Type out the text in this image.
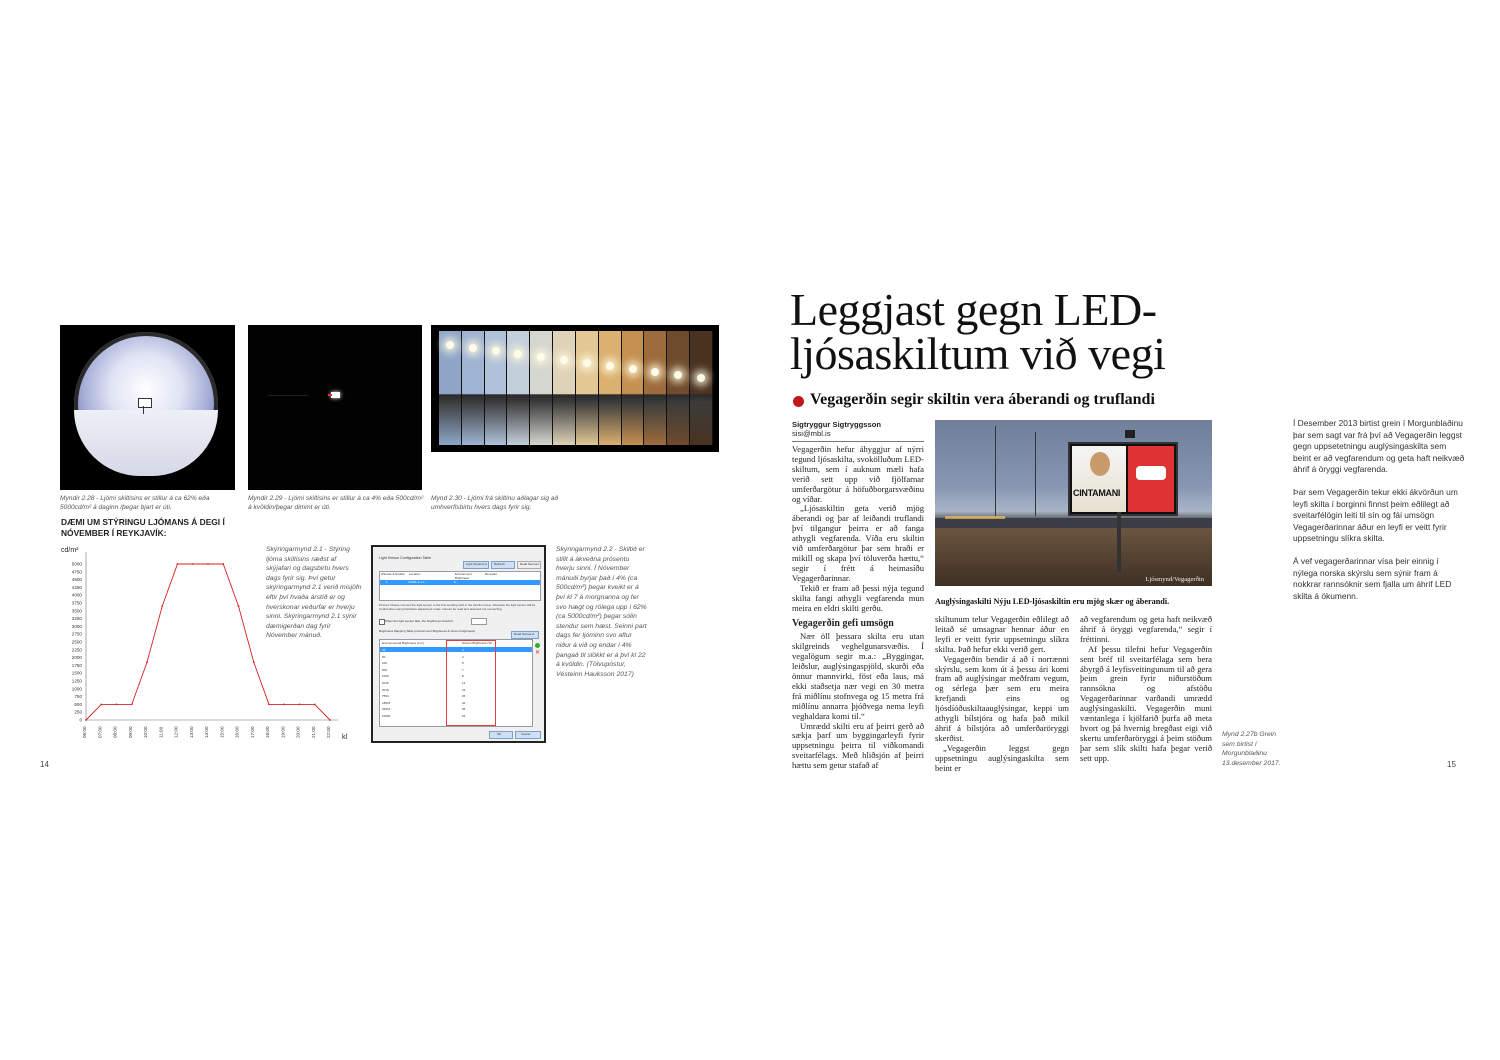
Myndir 2.28 - Ljómi skiltisins er stillur á ca 62% eða 5000cd/m² á daginn /þegar bjart er úti.
Myndir 2.29 - Ljómi skiltisins er stillur á ca 4% eða 500cd/m² á kvöldin/þegar dimmt er úti.
Mynd 2.30 - Ljómi frá skiltinu aðlagar sig að umhverfisbirtu hvers dags fyrir sig.
DÆMI UM STÝRINGU LJÓMANS Á DEGI Í NÓVEMBER Í REYKJAVÍK:
cd/m²
kl
0
250
500
750
1000
1250
1500
1750
2000
2250
2500
2750
3000
3250
3500
3750
4000
4250
4500
4750
5000
06:00 07:00 08:00 09:00 10:00 11:00 12:00 13:00 14:00 15:00 16:00 17:00 18:00 19:00 20:00 21:00 22:00
Skýringarmynd 2.1 - Stýring ljóma skiltisins ræðst af skýjafari og dagsbirtu hvers dags fyrir sig. Því getur skýringarmynd 2.1 verið misjöfn eftir því hvaða árstíð er og hverskonar veðurfar er hverju sinni. Skýringarmynd 2.1 sýnir dæmigerðan dag fyrir Nóvember mánuð.
Light Sensor Configuration Table
Light Sensors A	Refresh	Read Sensors
Window & Enable	Location	Environment Brightness
Remarks
1	COM1-1-1-1	0
Prompt: Please connect the light sensor to the first sending card in the function area; otherwise the light sensor will be invalid when using hardware adjustment mode. Cannot be read and detected not connecting.
When the light sensor fails, the brightness should b
Brightness Mapping Table (environment Brightness & screen brightness)
Read Sensor A
Environmental Brightness (Lux)	Screen Brightness (%)
10	4
50	4
100	8
500	7
1000	8
2015	14
2015	24
7554	26
18615	42
32616	56
10000	62
✕
OK	Cancel
Skýringarmynd 2.2 - Skiltið er stillt á ákveðna prósentu hverju sinni. Í Nóvember mánuði byrjar það í 4% (ca 500cd/m²) þegar kveikt er á því kl 7 á morgnanna og fer svo hægt og rólega upp í 62% (ca 5000cd/m²) þegar sólin stendur sem hæst. Seinni part dags fer ljóminn svo aftur niður á við og endar í 4% þangað til slökkt er á því kl 22 á kvöldin. (Tölvupóstur, Vésteinn Hauksson 2017)
14
Leggjast gegn LED-
ljósaskiltum við vegi
Vegagerðin segir skiltin vera áberandi og truflandi
Sigtryggur Sigtryggsson
sisi@mbl.is
Vegagerðin hefur áhyggjur af nýrri tegund ljósaskilta, svokölluðum LED-skiltum, sem í auknum mæli hafa verið sett upp við fjölfarnar umferðargötur á höfuðborgarsvæðinu og víðar.
„Ljósaskiltin geta verið mjög áberandi og þar af leiðandi truflandi því tilgangur þeirra er að fanga athygli vegfarenda. Víða eru skiltin við umferðargötur þar sem hraði er mikill og skapa því töluverða hættu,“ segir í frétt á heimasíðu Vegagerðarinnar.
Tekið er fram að þessi nýja tegund skilta fangi athygli vegfarenda mun meira en eldri skilti gerðu.
Vegagerðin gefi umsögn
Nær öll þessara skilta eru utan skilgreinds veghelgunarsvæðis. Í vegalögum segir m.a.: „Byggingar, leiðslur, auglýsingaspjöld, skurði eða önnur mannvirki, föst eða laus, má ekki staðsetja nær vegi en 30 metra frá miðlínu stofnvega og 15 metra frá miðlínu annarra þjóðvega nema leyfi veghaldara komi til.“
Umrædd skilti eru af þeirri gerð að sækja þarf um byggingarleyfi fyrir uppsetningu þeirra til viðkomandi sveitarfélags. Með hliðsjón af þeirri hættu sem getur stafað af
CINTAMANI
Ljósmynd/Vegagerðin
Auglýsingaskilti Nýju LED-ljósaskiltin eru mjög skær og áberandi.
skiltunum telur Vegagerðin eðlilegt að leitað sé umsagnar hennar áður en leyfi er veitt fyrir uppsetningu slíkra skilta. Það hefur ekki verið gert.
Vegagerðin bendir á að í norrænni skýrslu, sem kom út á þessu ári komi fram að auglýsingar meðfram vegum, og sérlega þær sem eru meira krefjandi eins og ljósdíóðuskiltaauglýsingar, keppi um athygli bílstjóra og hafa það mikil áhrif á bílstjóra að umferðaröryggi skerðist.
„Vegagerðin leggst gegn uppsetningu auglýsingaskilta sem beint er
að vegfarendum og geta haft neikvæð áhrif á öryggi vegfarenda,“ segir í fréttinni.
Af þessu tilefni hefur Vegagerðin sent bréf til sveitarfélaga sem bera ábyrgð á leyfisveitingunum til að gera þeim grein fyrir niðurstöðum rannsókna og afstöðu Vegagerðarinnar varðandi umrædd auglýsingaskilti. Vegagerðin muni væntanlega í kjölfarið þurfa að meta hvort og þá hvernig bregðast eigi við skertu umferðaröryggi á þeim stöðum þar sem slík skilti hafa þegar verið sett upp.
Mynd 2.27b Grein sem birtist í Morgunblaðinu 13.desember 2017.

Í Desember 2013 birtist grein í Morgunblaðinu þar sem sagt var frá því að Vegagerðin leggst gegn uppsetetningu auglýsingaskilta sem beint er að vegfarendum og geta haft neikvæð áhrif á öryggi vegfarenda.

Þar sem Vegagerðin tekur ekki ákvörðun um leyfi skilta í borginni finnst þeim eðlilegt að sveitarfélögin leiti til sín og fái umsögn Vegagerðarinnar áður en leyfi er veitt fyrir uppsetningu slíkra skilta.

Á vef vegagerðarinnar vísa þeir einnig í nýlega norska skýrslu sem sýnir fram á nokkrar rannsóknir sem fjalla um áhrif LED skilta á ökumenn.

15
